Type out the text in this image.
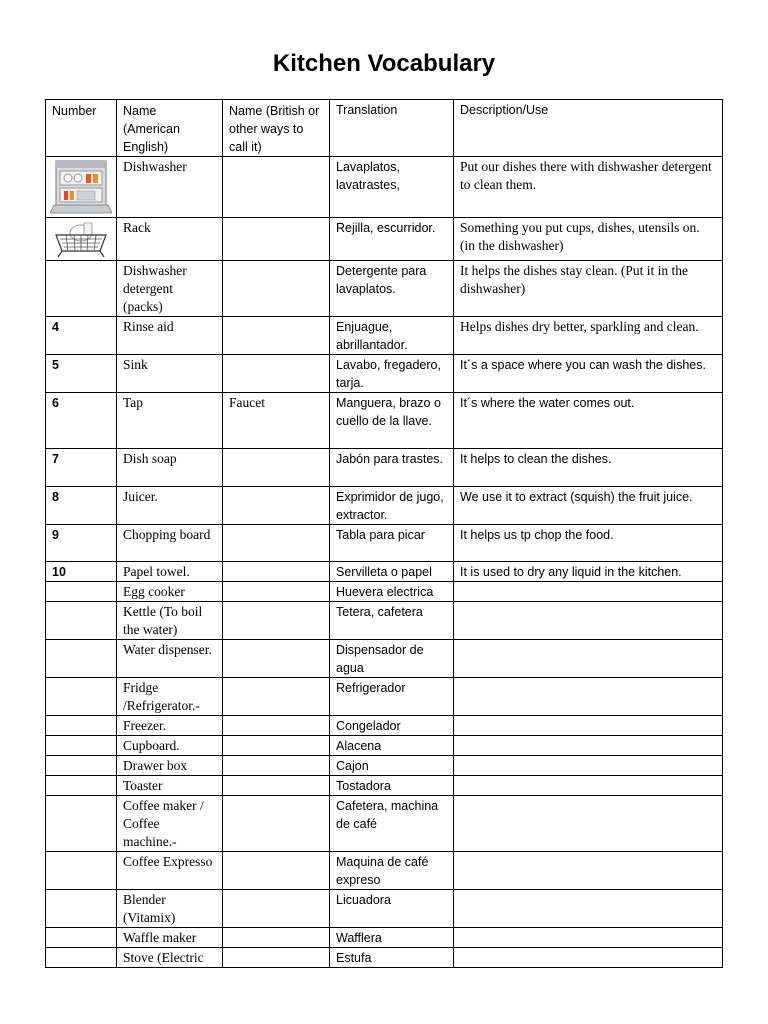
Kitchen Vocabulary
Number	Name (American English)	Name (British or other ways to call it)	Translation	Description/Use

	Dishwasher		Lavaplatos, lavatrastes,	Put our dishes there with dishwasher detergent to clean them.

	Rack		Rejilla, escurridor.	Something you put cups, dishes, utensils on. (in the dishwasher)
	Dishwasher detergent (packs)		Detergente para lavaplatos.	It helps the dishes stay clean. (Put it in the dishwasher)
4	Rinse aid		Enjuague, abrillantador.	Helps dishes dry better, sparkling and clean.
5	Sink		Lavabo, fregadero, tarja.	It´s a space where you can wash the dishes.
6	Tap	Faucet	Manguera, brazo o cuello de la llave.	It´s where the water comes out.
7	Dish soap		Jabón para trastes.	It helps to clean the dishes.
8	Juicer.		Exprimidor de jugo, extractor.	We use it to extract (squish) the fruit juice.
9	Chopping board		Tabla para picar	It helps us tp chop the food.
10	Papel towel.		Servilleta o papel	It is used to dry any liquid in the kitchen.
	Egg cooker		Huevera electrica	
	Kettle (To boil the water)		Tetera, cafetera	
	Water dispenser.		Dispensador de agua	
	Fridge /Refrigerator.-		Refrigerador	
	Freezer.		Congelador	
	Cupboard.		Alacena	
	Drawer box		Cajon	
	Toaster		Tostadora	
	Coffee maker / Coffee machine.-		Cafetera, machina de café	
	Coffee Expresso		Maquina de café expreso	
	Blender (Vitamix)		Licuadora	
	Waffle maker		Wafflera	
	Stove (Electric		Estufa	
